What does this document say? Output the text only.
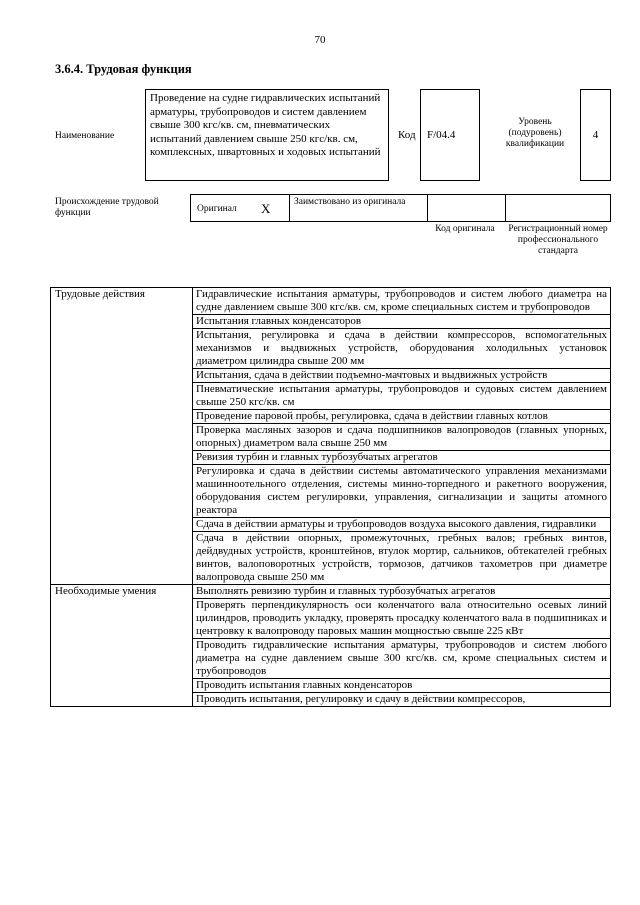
70
3.6.4. Трудовая функция
Наименование
Проведение на судне гидравлических испытаний арматуры, трубопроводов и систем давлением свыше 300 кгс/кв. см, пневматических испытаний давлением свыше 250 кгс/кв. см, комплексных, швартовных и ходовых испытаний
Код	F/04.4
Уровень (подуровень) квалификации
4
Происхождение трудовой функции	Оригинал X Заимствовано из оригинала
Код оригинала	Регистрационный номер профессионального стандарта
Трудовые действия	Гидравлические испытания арматуры, трубопроводов и систем любого диаметра на судне давлением свыше 300 кгс/кв. см, кроме специальных систем и трубопроводов
	Испытания главных конденсаторов
	Испытания, регулировка и сдача в действии компрессоров, вспомогательных механизмов и выдвижных устройств, оборудования холодильных установок диаметром цилиндра свыше 200 мм
	Испытания, сдача в действии подъемно-мачтовых и выдвижных устройств
	Пневматические испытания арматуры, трубопроводов и судовых систем давлением свыше 250 кгс/кв. см
	Проведение паровой пробы, регулировка, сдача в действии главных котлов
	Проверка масляных зазоров и сдача подшипников валопроводов (главных упорных, опорных) диаметром вала свыше 250 мм
	Ревизия турбин и главных турбозубчатых агрегатов
	Регулировка и сдача в действии системы автоматического управления механизмами машинноотельного отделения, системы минно-торпедного и ракетного вооружения, оборудования систем регулировки, управления, сигнализации и защиты атомного реактора
	Сдача в действии арматуры и трубопроводов воздуха высокого давления, гидравлики
	Сдача в действии опорных, промежуточных, гребных валов; гребных винтов, дейдвудных устройств, кронштейнов, втулок мортир, сальников, обтекателей гребных винтов, валоповоротных устройств, тормозов, датчиков тахометров при диаметре валопровода свыше 250 мм
Необходимые умения	Выполнять ревизию турбин и главных турбозубчатых агрегатов
	Проверять перпендикулярность оси коленчатого вала относительно осевых линий цилиндров, проводить укладку, проверять просадку коленчатого вала в подшипниках и центровку к валопроводу паровых машин мощностью свыше 225 кВт
	Проводить гидравлические испытания арматуры, трубопроводов и систем любого диаметра на судне давлением свыше 300 кгс/кв. см, кроме специальных систем и трубопроводов
	Проводить испытания главных конденсаторов
	Проводить испытания, регулировку и сдачу в действии компрессоров,
